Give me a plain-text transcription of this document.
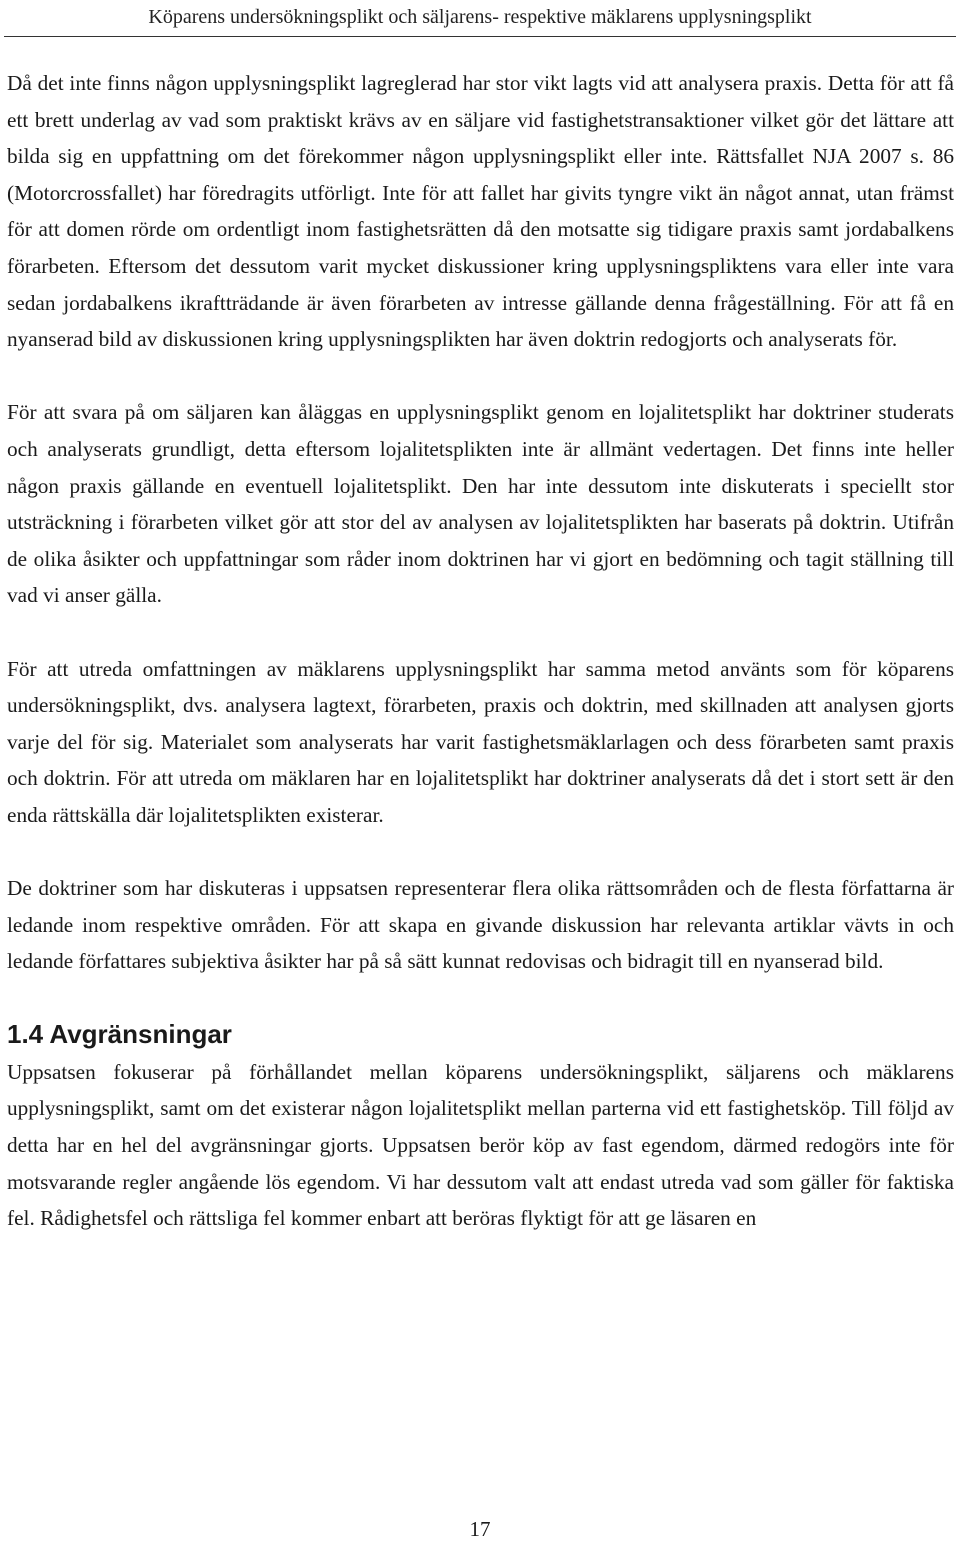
Köparens undersökningsplikt och säljarens- respektive mäklarens upplysningsplikt

Då det inte finns någon upplysningsplikt lagreglerad har stor vikt lagts vid att analysera praxis. Detta för att få ett brett underlag av vad som praktiskt krävs av en säljare vid fastighetstransaktioner vilket gör det lättare att bilda sig en uppfattning om det förekommer någon upplysningsplikt eller inte. Rättsfallet NJA 2007 s. 86 (Motorcrossfallet) har föredragits utförligt. Inte för att fallet har givits tyngre vikt än något annat, utan främst för att domen rörde om ordentligt inom fastighetsrätten då den motsatte sig tidigare praxis samt jordabalkens förarbeten. Eftersom det dessutom varit mycket diskussioner kring upplysningspliktens vara eller inte vara sedan jordabalkens ikraftträdande är även förarbeten av intresse gällande denna frågeställning. För att få en nyanserad bild av diskussionen kring upplysningsplikten har även doktrin redogjorts och analyserats för.

För att svara på om säljaren kan åläggas en upplysningsplikt genom en lojalitetsplikt har doktriner studerats och analyserats grundligt, detta eftersom lojalitetsplikten inte är allmänt vedertagen. Det finns inte heller någon praxis gällande en eventuell lojalitetsplikt. Den har inte dessutom inte diskuterats i speciellt stor utsträckning i förarbeten vilket gör att stor del av analysen av lojalitetsplikten har baserats på doktrin. Utifrån de olika åsikter och uppfattningar som råder inom doktrinen har vi gjort en bedömning och tagit ställning till vad vi anser gälla.

För att utreda omfattningen av mäklarens upplysningsplikt har samma metod använts som för köparens undersökningsplikt, dvs. analysera lagtext, förarbeten, praxis och doktrin, med skillnaden att analysen gjorts varje del för sig. Materialet som analyserats har varit fastighetsmäklarlagen och dess förarbeten samt praxis och doktrin. För att utreda om mäklaren har en lojalitetsplikt har doktriner analyserats då det i stort sett är den enda rättskälla där lojalitetsplikten existerar.

De doktriner som har diskuteras i uppsatsen representerar flera olika rättsområden och de flesta författarna är ledande inom respektive områden. För att skapa en givande diskussion har relevanta artiklar vävts in och ledande författares subjektiva åsikter har på så sätt kunnat redovisas och bidragit till en nyanserad bild.

1.4 Avgränsningar

Uppsatsen fokuserar på förhållandet mellan köparens undersökningsplikt, säljarens och mäklarens upplysningsplikt, samt om det existerar någon lojalitetsplikt mellan parterna vid ett fastighetsköp. Till följd av detta har en hel del avgränsningar gjorts. Uppsatsen berör köp av fast egendom, därmed redogörs inte för motsvarande regler angående lös egendom. Vi har dessutom valt att endast utreda vad som gäller för faktiska fel. Rådighetsfel och rättsliga fel kommer enbart att beröras flyktigt för att ge läsaren en

17
